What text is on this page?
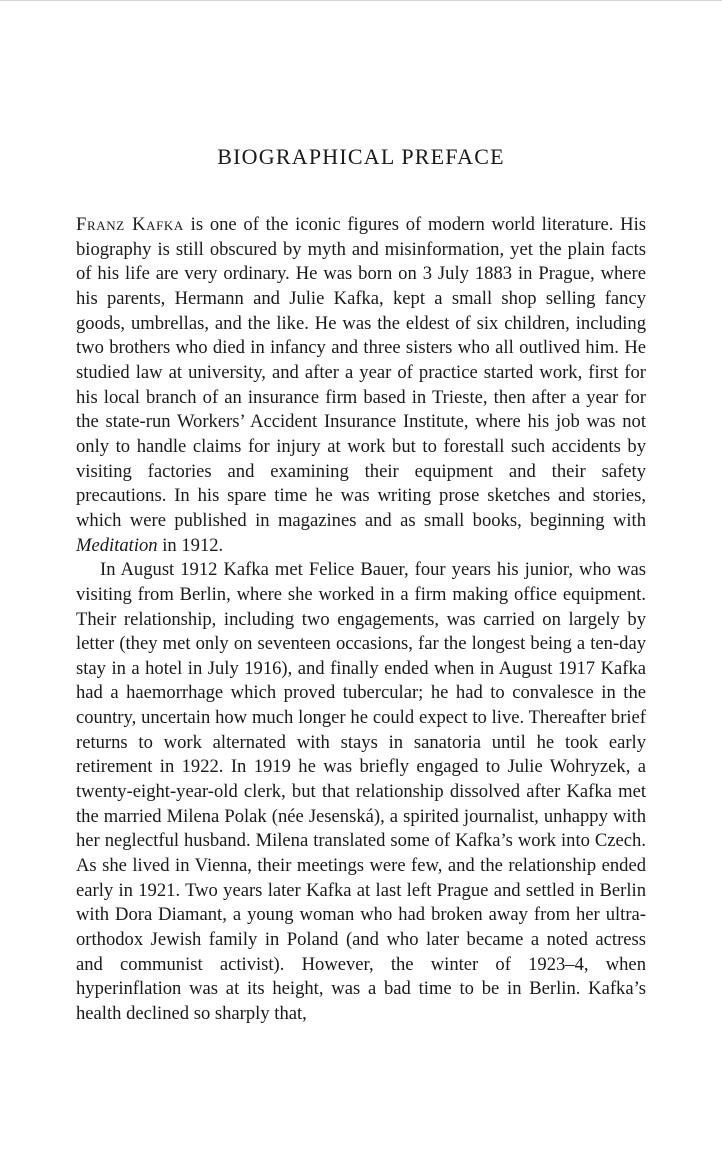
BIOGRAPHICAL PREFACE

Franz Kafka is one of the iconic figures of modern world literature. His biography is still obscured by myth and misinformation, yet the plain facts of his life are very ordinary. He was born on 3 July 1883 in Prague, where his parents, Hermann and Julie Kafka, kept a small shop selling fancy goods, umbrellas, and the like. He was the eldest of six children, including two brothers who died in infancy and three sisters who all outlived him. He studied law at university, and after a year of practice started work, first for his local branch of an insurance firm based in Trieste, then after a year for the state-run Workers’ Accident Insurance Institute, where his job was not only to handle claims for injury at work but to forestall such accidents by visiting factories and examining their equipment and their safety precautions. In his spare time he was writing prose sketches and stories, which were published in magazines and as small books, beginning with Meditation in 1912.

In August 1912 Kafka met Felice Bauer, four years his junior, who was visiting from Berlin, where she worked in a firm making office equipment. Their relationship, including two engagements, was carried on largely by letter (they met only on seventeen occasions, far the longest being a ten-day stay in a hotel in July 1916), and finally ended when in August 1917 Kafka had a haemorrhage which proved tubercular; he had to convalesce in the country, uncertain how much longer he could expect to live. Thereafter brief returns to work alternated with stays in sanatoria until he took early retirement in 1922. In 1919 he was briefly engaged to Julie Wohryzek, a twenty-eight-year-old clerk, but that relationship dissolved after Kafka met the married Milena Polak (née Jesenská), a spirited journalist, unhappy with her neglectful husband. Milena translated some of Kafka’s work into Czech. As she lived in Vienna, their meetings were few, and the relationship ended early in 1921. Two years later Kafka at last left Prague and settled in Berlin with Dora Diamant, a young woman who had broken away from her ultra-orthodox Jewish family in Poland (and who later became a noted actress and communist activist). However, the winter of 1923–4, when hyperinflation was at its height, was a bad time to be in Berlin. Kafka’s health declined so sharply that,
